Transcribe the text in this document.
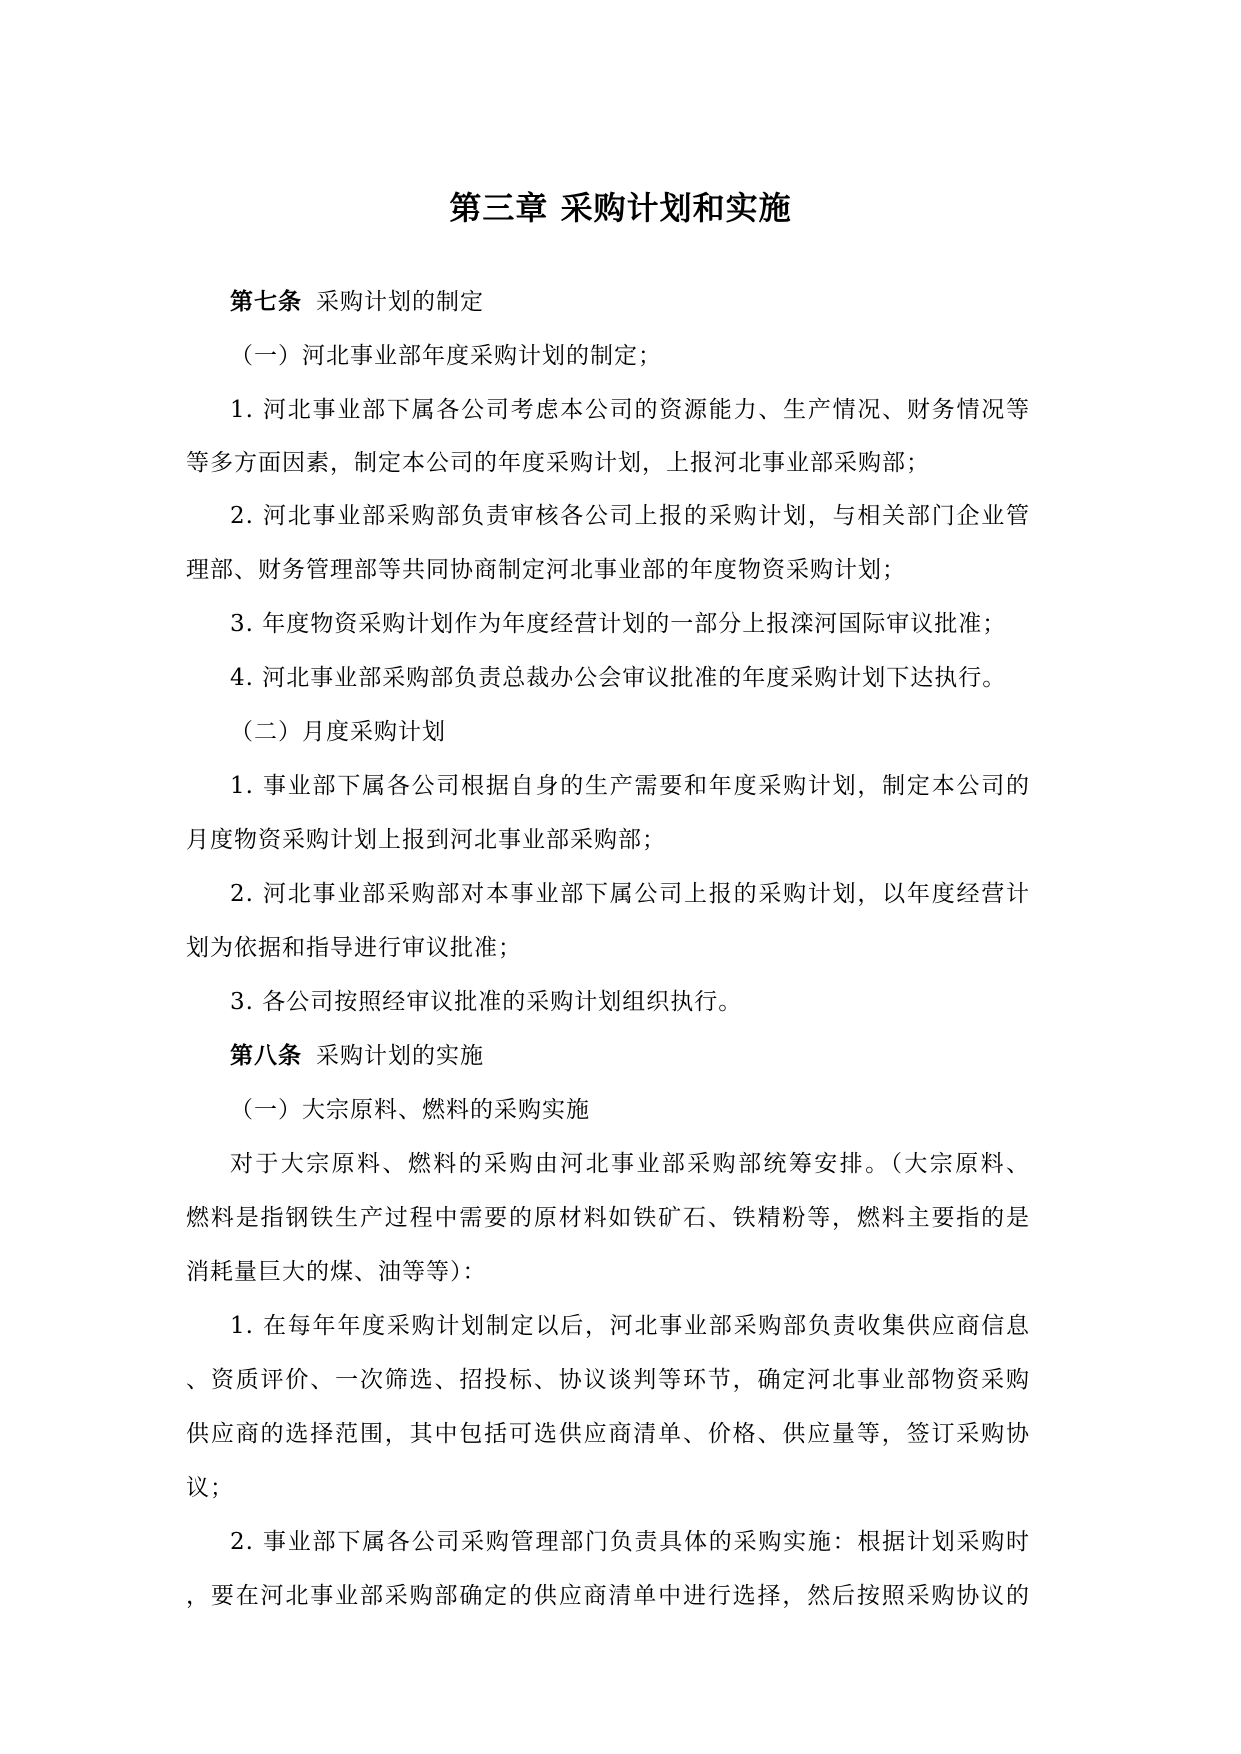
第三章 采购计划和实施

第七条 采购计划的制定

（一）河北事业部年度采购计划的制定；

1. 河北事业部下属各公司考虑本公司的资源能力、生产情况、财务情况等

等多方面因素，制定本公司的年度采购计划，上报河北事业部采购部；

2. 河北事业部采购部负责审核各公司上报的采购计划，与相关部门企业管

理部、财务管理部等共同协商制定河北事业部的年度物资采购计划；

3. 年度物资采购计划作为年度经营计划的一部分上报滦河国际审议批准；

4. 河北事业部采购部负责总裁办公会审议批准的年度采购计划下达执行。

（二）月度采购计划

1. 事业部下属各公司根据自身的生产需要和年度采购计划，制定本公司的

月度物资采购计划上报到河北事业部采购部；

2. 河北事业部采购部对本事业部下属公司上报的采购计划，以年度经营计

划为依据和指导进行审议批准；

3. 各公司按照经审议批准的采购计划组织执行。

第八条 采购计划的实施

（一）大宗原料、燃料的采购实施

对于大宗原料、燃料的采购由河北事业部采购部统筹安排。（大宗原料、

燃料是指钢铁生产过程中需要的原材料如铁矿石、铁精粉等，燃料主要指的是

消耗量巨大的煤、油等等）：

1. 在每年年度采购计划制定以后，河北事业部采购部负责收集供应商信息

、资质评价、一次筛选、招投标、协议谈判等环节，确定河北事业部物资采购

供应商的选择范围，其中包括可选供应商清单、价格、供应量等，签订采购协

议；

2. 事业部下属各公司采购管理部门负责具体的采购实施：根据计划采购时

，要在河北事业部采购部确定的供应商清单中进行选择，然后按照采购协议的
